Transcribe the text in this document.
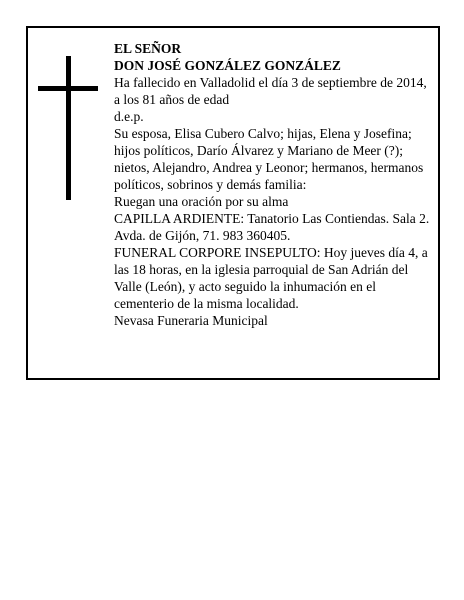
EL SEÑOR

DON JOSÉ GONZÁLEZ GONZÁLEZ

Ha fallecido en Valladolid el día 3 de septiembre de 2014, a los 81 años de edad

d.e.p.

Su esposa, Elisa Cubero Calvo; hijas, Elena y Josefina; hijos políticos, Darío Álvarez y Mariano de Meer (?); nietos, Alejandro, Andrea y Leonor; hermanos, hermanos políticos, sobrinos y demás familia:

Ruegan una oración por su alma

CAPILLA ARDIENTE: Tanatorio Las Contiendas. Sala 2. Avda. de Gijón, 71. 983 360405.

FUNERAL CORPORE INSEPULTO: Hoy jueves día 4, a las 18 horas, en la iglesia parroquial de San Adrián del Valle (León), y acto seguido la inhumación en el cementerio de la misma localidad.

Nevasa Funeraria Municipal
